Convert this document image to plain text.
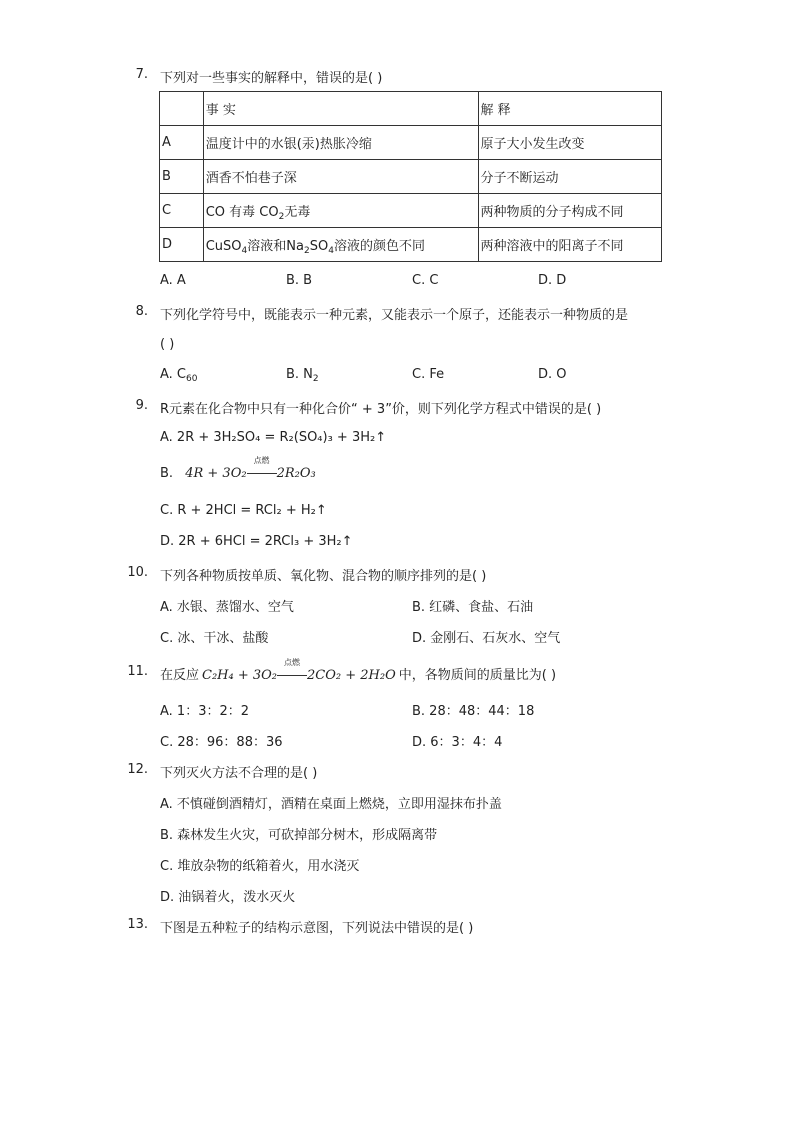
7. 下列对一些事实的解释中，错误的是( )
	事 实	解 释
A	温度计中的水银(汞)热胀冷缩	原子大小发生改变
B	酒香不怕巷子深	分子不断运动
C	CO 有毒 $CO_2$无毒	两种物质的分子构成不同
D	CuSO$_4$溶液和$Na_2SO_4$溶液的颜色不同	两种溶液中的阳离子不同
A. A	B. B	C. C	D. D
8. 下列化学符号中，既能表示一种元素，又能表示一个原子，还能表示一种物质的是
( )
A. $C_{60}$	B. $N_2$	C. Fe	D. O
9. R元素在化合物中只有一种化合价“ + 3”价，则下列化学方程式中错误的是( )
A. 2R + 3H₂SO₄ = R₂(SO₄)₃ + 3H₂↑
B. 4R + 3O₂
点燃
2R₂O₃
C. R + 2HCl = RCl₂ + H₂↑
D. 2R + 6HCl = 2RCl₃ + 3H₂↑
10. 下列各种物质按单质、氧化物、混合物的顺序排列的是( )
A. 水银、蒸馏水、空气	B. 红磷、食盐、石油
C. 冰、干冰、盐酸	D. 金刚石、石灰水、空气
11. 在反应 C₂H₄ + 3O₂
点燃
2CO₂ + 2H₂O 中，各物质间的质量比为( )
A. 1：3：2：2	B. 28：48：44：18
C. 28：96：88：36	D. 6：3：4：4
12. 下列灭火方法不合理的是( )
A. 不慎碰倒酒精灯，酒精在桌面上燃烧，立即用湿抹布扑盖
B. 森林发生火灾，可砍掉部分树木，形成隔离带
C. 堆放杂物的纸箱着火，用水浇灭
D. 油锅着火，泼水灭火
13. 下图是五种粒子的结构示意图，下列说法中错误的是( )
